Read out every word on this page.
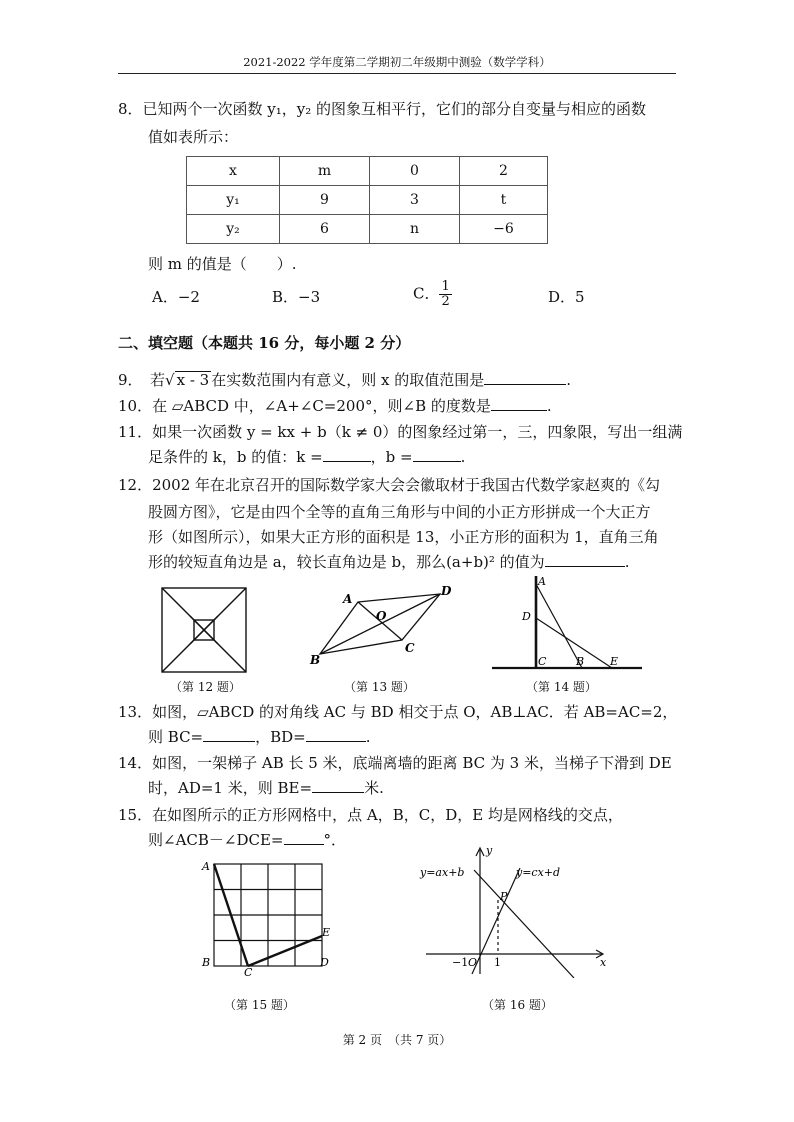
2021-2022 学年度第二学期初二年级期中测验（数学学科）
8．已知两个一次函数 y₁，y₂ 的图象互相平行，它们的部分自变量与相应的函数
值如表所示：
x	m	0	2
y₁	9	3	t
y₂	6	n	−6
则 m 的值是（　　）.
A．−2	B．−3	C． $\frac{1}{2}$	D．5
二、填空题（本题共 16 分，每小题 2 分）
9．　若√ x - 3 在实数范围内有意义，则 x 的取值范围是	.
10．在 ▱ABCD 中，∠A+∠C=200°，则∠B 的度数是	.
11．如果一次函数 y = kx + b（k ≠ 0）的图象经过第一，三，四象限，写出一组满
足条件的 k，b 的值：k =	，b =	.
12．2002 年在北京召开的国际数学家大会会徽取材于我国古代数学家赵爽的《勾
股圆方图》，它是由四个全等的直角三角形与中间的小正方形拼成一个大正方
形（如图所示），如果大正方形的面积是 13，小正方形的面积为 1，直角三角
形的较短直角边是 a，较长直角边是 b，那么(a+b)² 的值为	.
（第 12 题）
A
B
C
D
O
（第 13 题）
A
D
C	B E
（第 14 题）
13．如图，▱ABCD 的对角线 AC 与 BD 相交于点 O，AB⊥AC．若 AB=AC=2，
则 BC=	，BD=	.
14．如图，一架梯子 AB 长 5 米，底端离墙的距离 BC 为 3 米，当梯子下滑到 DE
时，AD=1 米，则 BE=	米.
15．在如图所示的正方形网格中，点 A，B，C，D，E 均是网格线的交点，
则∠ACB－∠DCE=	°．
A
B
C
D
E
（第 15 题）
y
x
y=ax+b	y=cx+d
P
−1 O 1
（第 16 题）
第 2 页　（共 7 页）
